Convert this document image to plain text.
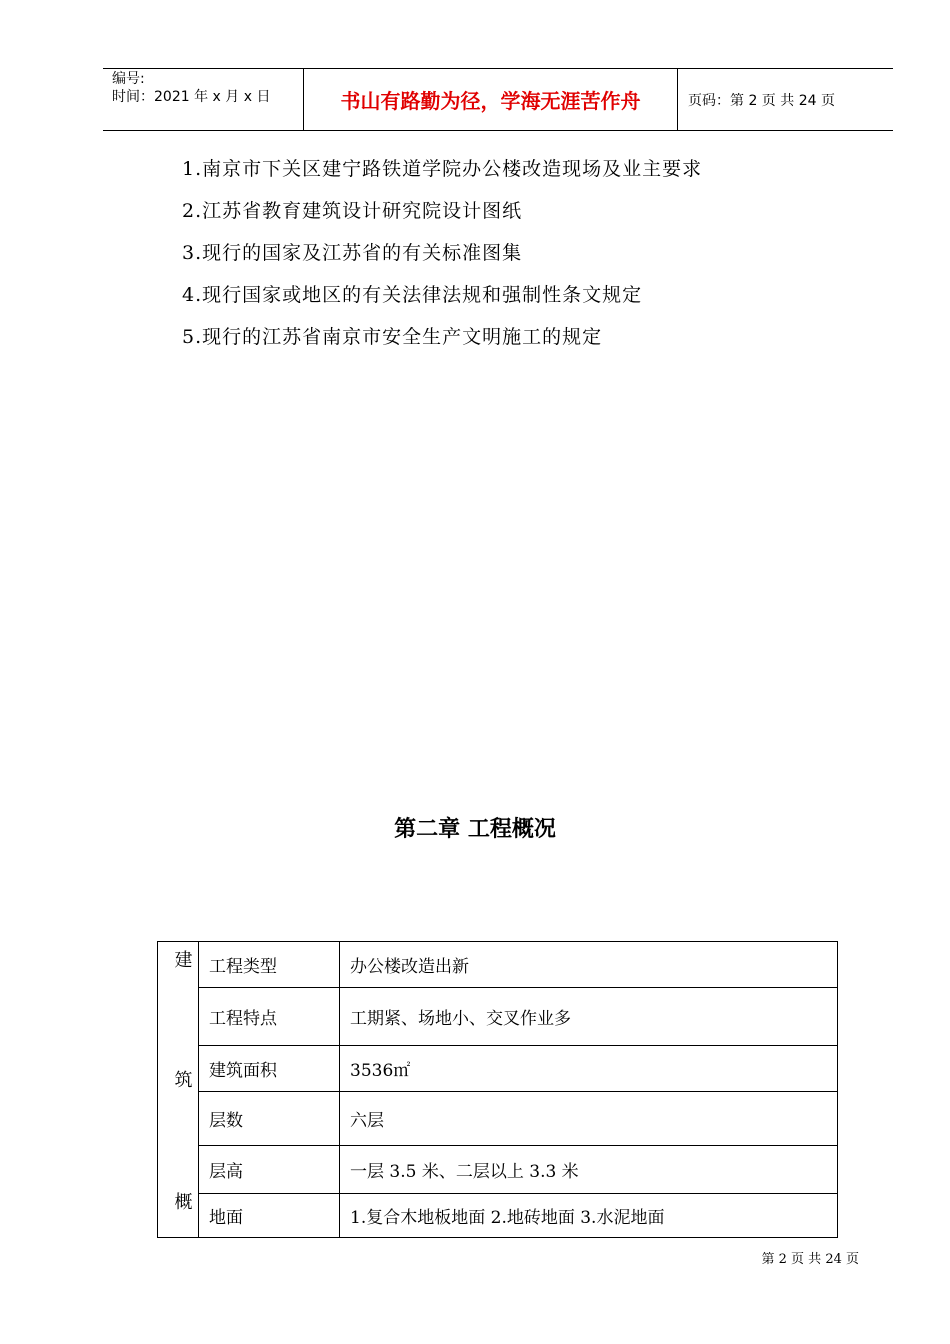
编号:
时间：2021 年 x 月 x 日	书山有路勤为径，学海无涯苦作舟	页码：第 2 页 共 24 页
1.南京市下关区建宁路铁道学院办公楼改造现场及业主要求
2.江苏省教育建筑设计研究院设计图纸
3.现行的国家及江苏省的有关标准图集
4.现行国家或地区的有关法律法规和强制性条文规定
5.现行的江苏省南京市安全生产文明施工的规定
第二章 工程概况
建
筑
概	工程类型	办公楼改造出新
	工程特点	工期紧、场地小、交叉作业多
	建筑面积	3536㎡
	层数	六层
	层高	一层 3.5 米、二层以上 3.3 米
	地面	1.复合木地板地面 2.地砖地面 3.水泥地面
第 2 页 共 24 页
